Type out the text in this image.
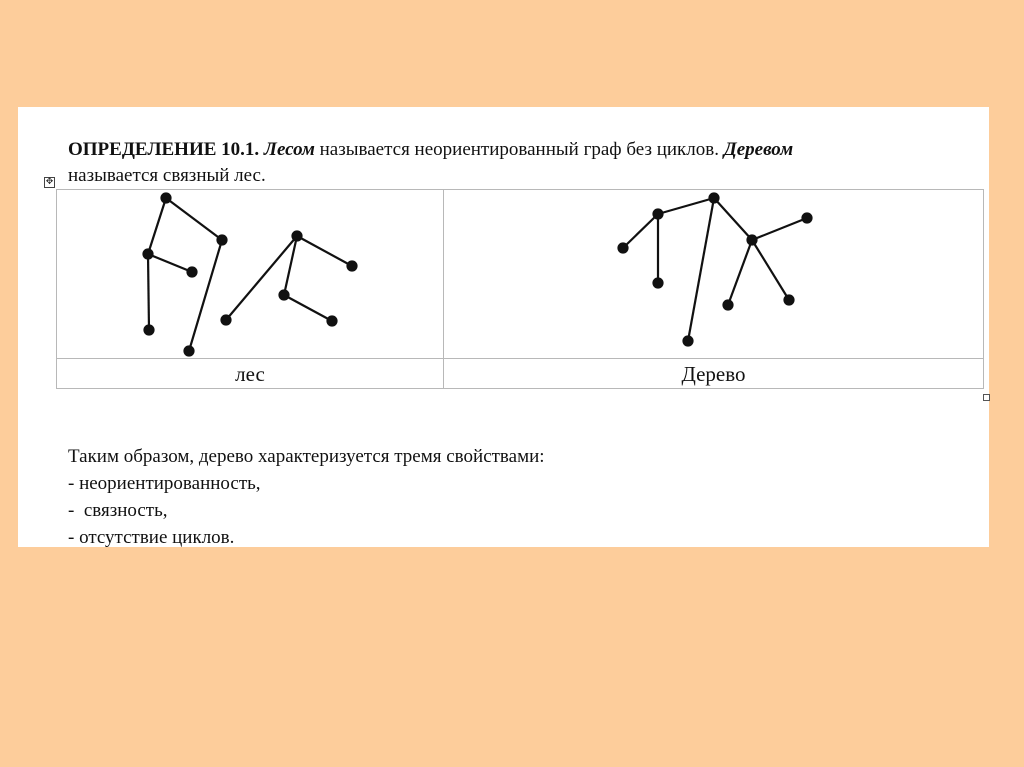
ОПРЕДЕЛЕНИЕ 10.1. Лесом называется неориентированный граф без циклов. Деревом
называется связный лес.
✥
лес	Дерево
Таким образом, дерево характеризуется тремя свойствами:
- неориентированность,
-  связность,
- отсутствие циклов.
